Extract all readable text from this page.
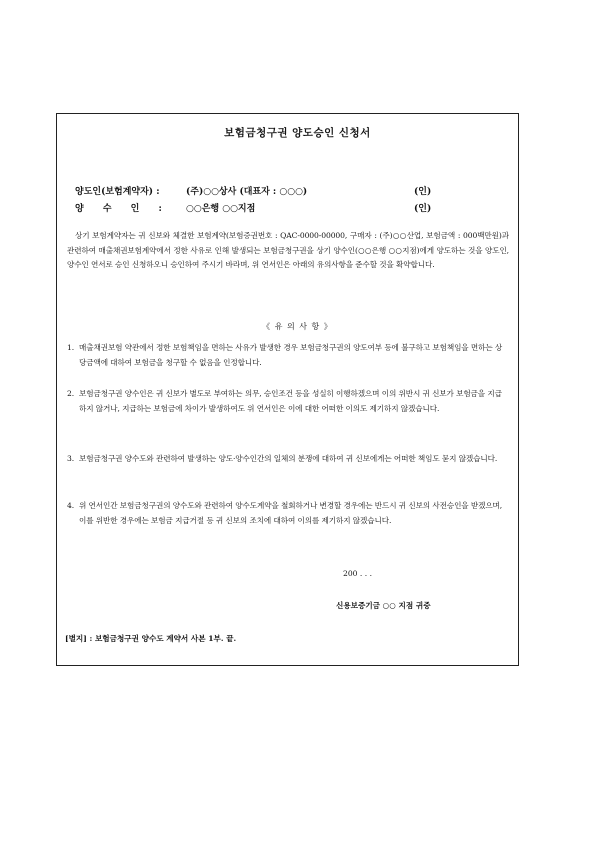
보험금청구권 양도승인 신청서
양도인(보험계약자) :	(주)○○상사 (대표자 : ○○○)	(인)
양 수 인 :	○○은행 ○○지점	(인)
상기 보험계약자는 귀 신보와 체결한 보험계약(보험증권번호 : QAC-0000-00000, 구매자 : (주)○○산업, 보험금액 : 000백만원)과 관련하여 매출채권보험계약에서 정한 사유로 인해 발생되는 보험금청구권을 상기 양수인(○○은행 ○○지점)에게 양도하는 것을 양도인, 양수인 연서로 승인 신청하오니 승인하여 주시기 바라며, 위 연서인은 아래의 유의사항을 준수할 것을 확약합니다.
《 유 의 사 항 》
1. 매출채권보험 약관에서 정한 보험책임을 면하는 사유가 발생한 경우 보험금청구권의 양도여부 등에 불구하고 보험책임을 면하는 상당금액에 대하여 보험금을 청구할 수 없음을 인정합니다.
2. 보험금청구권 양수인은 귀 신보가 별도로 부여하는 의무, 승인조건 등을 성실히 이행하겠으며 이의 위반시 귀 신보가 보험금을 지급하지 않거나, 지급하는 보험금에 차이가 발생하여도 위 연서인은 이에 대한 어떠한 이의도 제기하지 않겠습니다.
3. 보험금청구권 양수도와 관련하여 발생하는 양도·양수인간의 일체의 분쟁에 대하여 귀 신보에게는 어떠한 책임도 묻지 않겠습니다.
4. 위 연서인간 보험금청구권의 양수도와 관련하여 양수도계약을 철회하거나 변경할 경우에는 반드시 귀 신보의 사전승인을 받겠으며, 이를 위반한 경우에는 보험금 지급거절 등 귀 신보의 조치에 대하여 이의를 제기하지 않겠습니다.
200 . . .
신용보증기금 ○○ 지점 귀중
[별지] : 보험금청구권 양수도 계약서 사본 1부. 끝.
